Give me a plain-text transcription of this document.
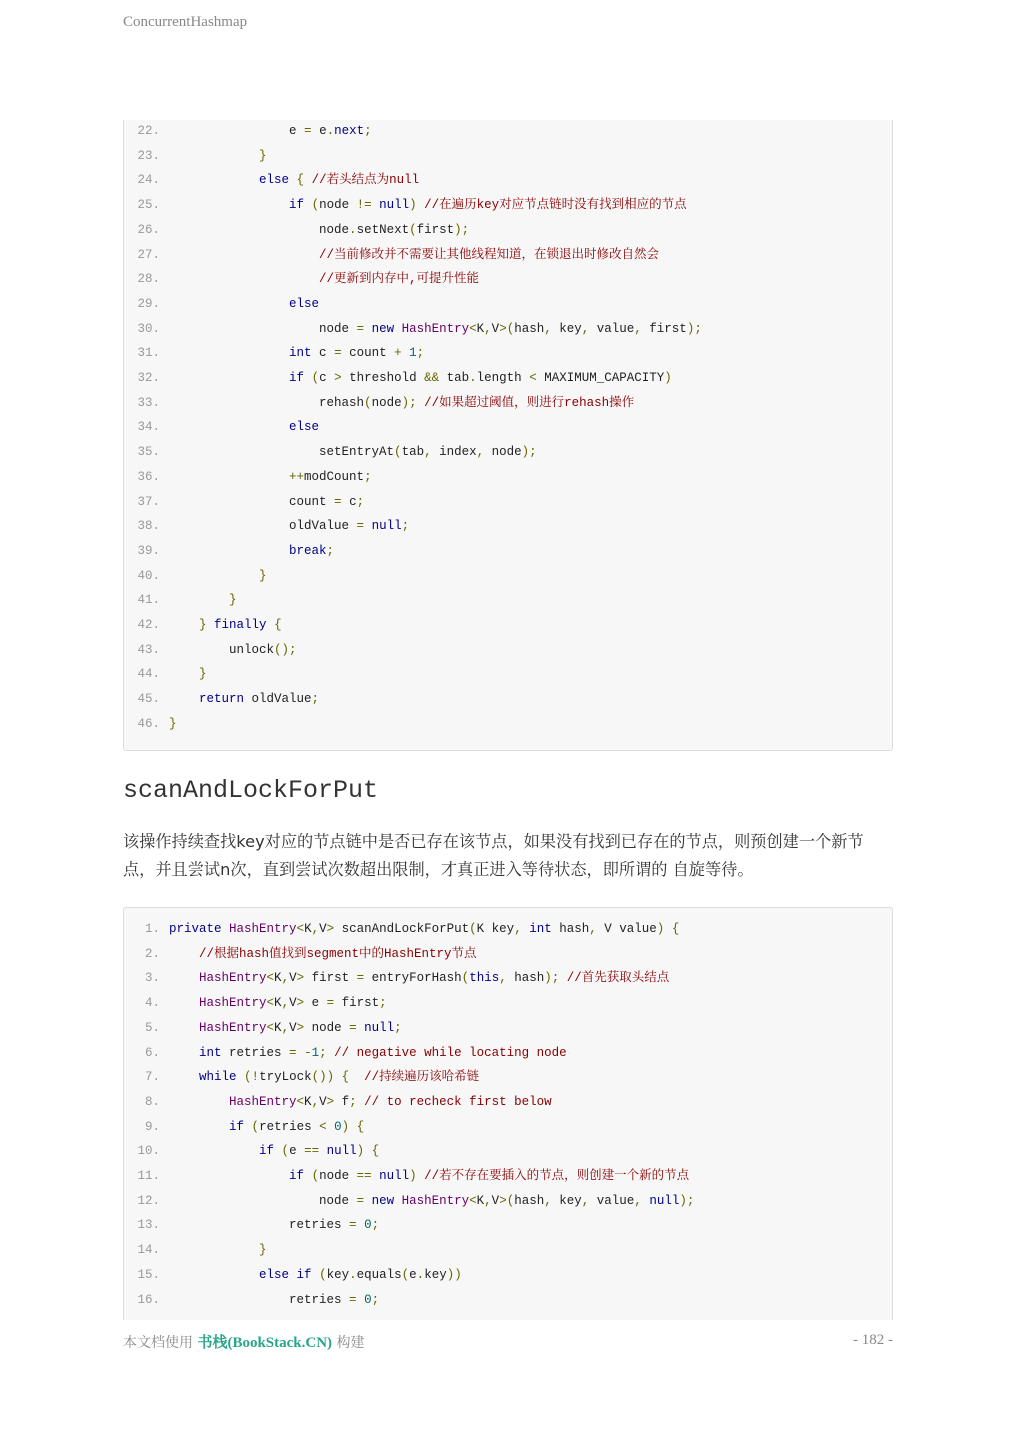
ConcurrentHashmap
22.	e = e.next;
23.	}
24.	else { //若头结点为null
25.	if (node != null) //在遍历key对应节点链时没有找到相应的节点
26.	node.setNext(first);
27.	//当前修改并不需要让其他线程知道，在锁退出时修改自然会
28.	//更新到内存中,可提升性能
29.	else
30.	node = new HashEntry<K,V>(hash, key, value, first);
31.	int c = count + 1;
32.	if (c > threshold && tab.length < MAXIMUM_CAPACITY)
33.	rehash(node); //如果超过阈值，则进行rehash操作
34.	else
35.	setEntryAt(tab, index, node);
36.	++modCount;
37.	count = c;
38.	oldValue = null;
39.	break;
40.	}
41.	}
42.	} finally {
43.	unlock();
44.	}
45.	return oldValue;
46. }
scanAndLockForPut

该操作持续查找key对应的节点链中是否已存在该节点，如果没有找到已存在的节点，则预创建一个新节点，并且尝试n次，直到尝试次数超出限制，才真正进入等待状态，即所谓的 自旋等待。

1. private HashEntry<K,V> scanAndLockForPut(K key, int hash, V value) {
2.	//根据hash值找到segment中的HashEntry节点
3.	HashEntry<K,V> first = entryForHash(this, hash); //首先获取头结点
4.	HashEntry<K,V> e = first;
5.	HashEntry<K,V> node = null;
6.	int retries = -1; // negative while locating node
7.	while (!tryLock()) { //持续遍历该哈希链
8.	HashEntry<K,V> f; // to recheck first below
9.	if (retries < 0) {
10.	if (e == null) {
11.	if (node == null) //若不存在要插入的节点，则创建一个新的节点
12.	node = new HashEntry<K,V>(hash, key, value, null);
13.	retries = 0;
14.	}
15.	else if (key.equals(e.key))
16.	retries = 0;
本文档使用 书栈(BookStack.CN) 构建	- 182 -
